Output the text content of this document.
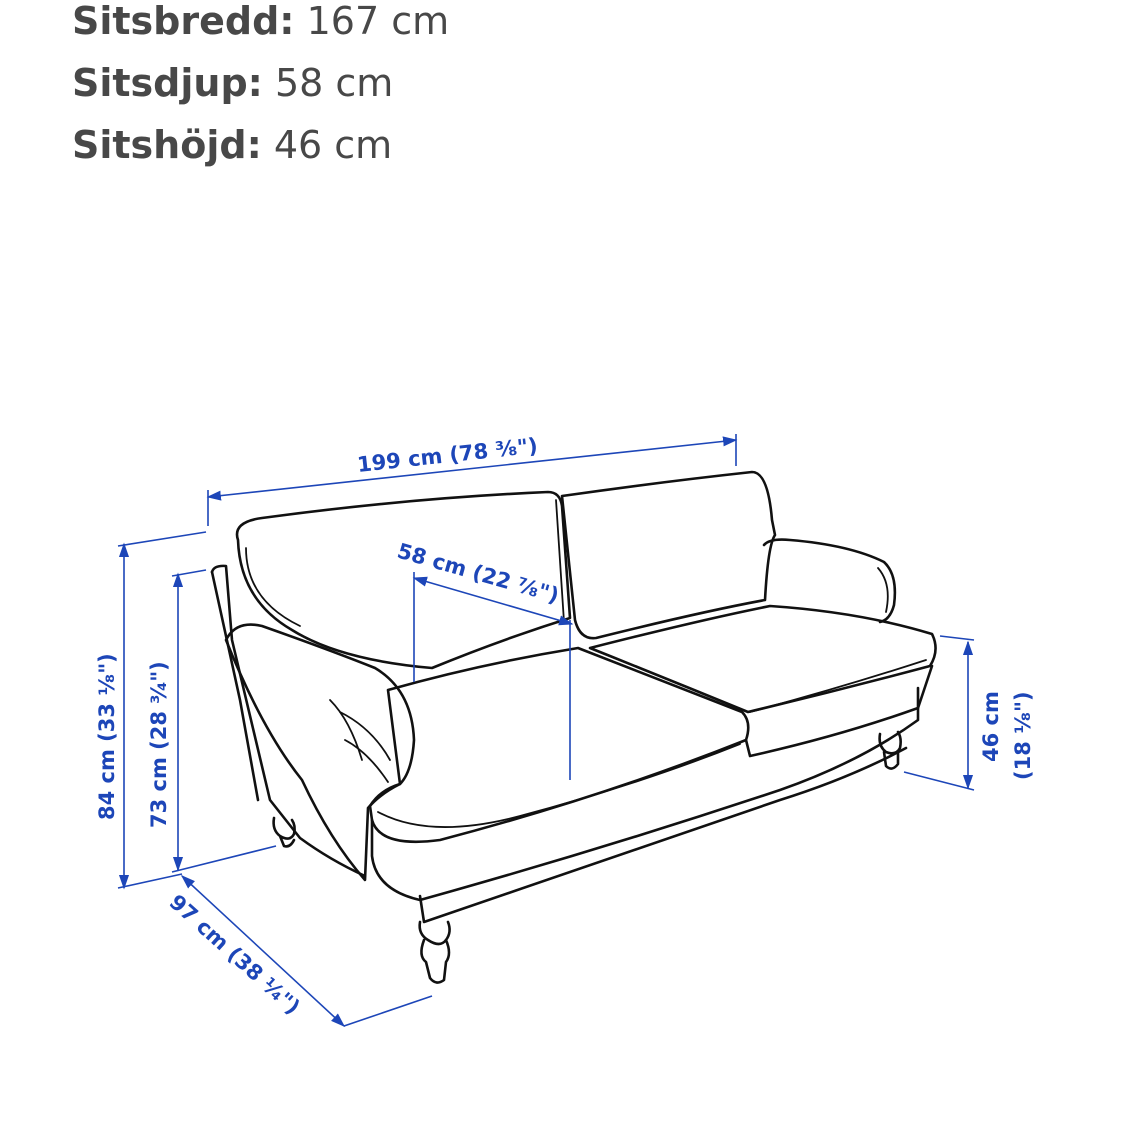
Sitsbredd: 167 cm
Sitsdjup: 58 cm
Sitshöjd: 46 cm
199 cm (78 ³⁄₈")
58 cm (22 ⁷⁄₈")
84 cm (33 ¹⁄₈") 73 cm (28 ³⁄₄")
97 cm (38 ¹⁄₄")
46 cm (18 ¹⁄₈")
